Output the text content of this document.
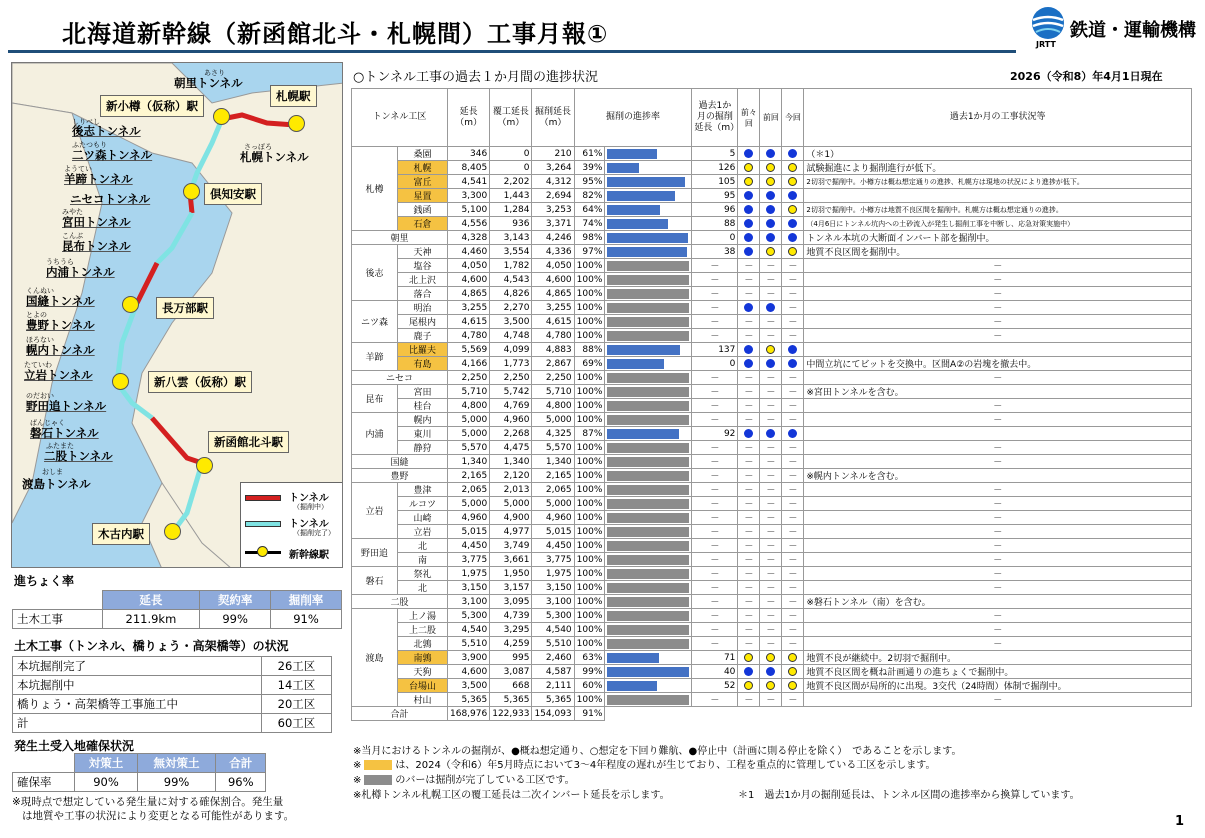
北海道新幹線（新函館北斗・札幌間）工事月報①	鉄道・運輸機構
JRTT
札幌駅
新小樽（仮称）駅
倶知安駅
長万部駅
新八雲（仮称）駅
新函館北斗駅
木古内駅
あさり
朝里トンネル
しりべし
後志トンネル
ふたつもり
二ツ森トンネル
さっぽろ
札幌トンネル
ようてい
羊蹄トンネル
ニセコトンネル
みやた
宮田トンネル
こんぶ
昆布トンネル
うちうら
内浦トンネル
くんぬい
国縫トンネル
とよの
豊野トンネル
ほろない
幌内トンネル
たていわ
立岩トンネル
のだおい
野田追トンネル
ばんじゃく
磐石トンネル
ふたまた
二股トンネル
おしま
渡島トンネル
トンネル
（掘削中）
トンネル
（掘削完了）
新幹線駅
進ちょく率
	延長	契約率	掘削率
土木工事	211.9km	99%	91%
土木工事（トンネル、橋りょう・高架橋等）の状況
本坑掘削完了	26工区
本坑掘削中	14工区
橋りょう・高架橋等工事施工中	20工区
計	60工区
発生土受入地確保状況
	対策土	無対策土	合計
確保率	90%	99%	96%
※現時点で想定している発生量に対する確保割合。発生量
は地質や工事の状況により変更となる可能性があります。
○トンネル工事の過去１か月間の進捗状況	2026（令和8）年4月1日現在
トンネル工区		延長（m）	覆工延長（m）	掘削延長（m）	掘削の進捗率		過去1か月の掘削延長（m）	前々回	前回	今回	過去1か月の工事状況等
札樽	桑園	346	0	210	61%		5				（＊1）
	札幌	8,405	0	3,264	39%		126				試験掘進により掘削進行が低下。
	富丘	4,541	2,202	4,312	95%		105				2切羽で掘削中。小樽方は概ね想定通りの進捗、札幌方は現地の状況により進捗が低下。
	星置	3,300	1,443	2,694	82%		95				
	銭函	5,100	1,284	3,253	64%		96				2切羽で掘削中。小樽方は地質不良区間を掘削中。札幌方は概ね想定通りの進捗。
	石倉	4,556	936	3,371	74%		88				（4月6日にトンネル坑内への土砂流入が発生し掘削工事を中断し、応急対策実施中）
朝里		4,328	3,143	4,246	98%		0				トンネル本坑の大断面インバート部を掘削中。
後志	天神	4,460	3,554	4,336	97%		38				地質不良区間を掘削中。
	塩谷	4,050	1,782	4,050	100%		－	－	－	－	－
	北上沢	4,600	4,543	4,600	100%		－	－	－	－	－
	落合	4,865	4,826	4,865	100%		－	－	－	－	－
ニツ森	明治	3,255	2,270	3,255	100%		－			－	－
	尾根内	4,615	3,500	4,615	100%		－	－	－	－	－
	鹿子	4,780	4,748	4,780	100%		－	－	－	－	－
羊蹄	比羅夫	5,569	4,099	4,883	88%		137				
	有島	4,166	1,773	2,867	69%		0				中間立坑にてビットを交換中。区間A②の岩塊を撤去中。
ニセコ		2,250	2,250	2,250	100%		－	－	－	－	－
昆布	宮田	5,710	5,742	5,710	100%		－	－	－	－	※宮田トンネルを含む。
	桂台	4,800	4,769	4,800	100%		－	－	－	－	－
内浦	幌内	5,000	4,960	5,000	100%		－	－	－	－	－
	東川	5,000	2,268	4,325	87%		92				
	静狩	5,570	4,475	5,570	100%		－	－	－	－	－
国縫		1,340	1,340	1,340	100%		－	－	－	－	－
豊野		2,165	2,120	2,165	100%		－	－	－	－	※幌内トンネルを含む。
立岩	豊津	2,065	2,013	2,065	100%		－	－	－	－	－
	ルコツ	5,000	5,000	5,000	100%		－	－	－	－	－
	山崎	4,960	4,900	4,960	100%		－	－	－	－	－
	立岩	5,015	4,977	5,015	100%		－	－	－	－	－
野田追	北	4,450	3,749	4,450	100%		－	－	－	－	－
	南	3,775	3,661	3,775	100%		－	－	－	－	－
磐石	祭礼	1,975	1,950	1,975	100%		－	－	－	－	－
	北	3,150	3,157	3,150	100%		－	－	－	－	－
二股		3,100	3,095	3,100	100%		－	－	－	－	※磐石トンネル（南）を含む。
渡島	上ノ湯	5,300	4,739	5,300	100%		－	－	－	－	－
	上二股	4,540	3,295	4,540	100%		－	－	－	－	－
	北鶉	5,510	4,259	5,510	100%		－	－	－	－	－
	南鶉	3,900	995	2,460	63%		71				地質不良が継続中。2切羽で掘削中。
	天狗	4,600	3,087	4,587	99%		40				地質不良区間を概ね計画通りの進ちょくで掘削中。
	台場山	3,500	668	2,111	60%		52				地質不良区間が局所的に出現。3交代（24時間）体制で掘削中。
	村山	5,365	5,365	5,365	100%		－	－	－	－	－
合計		168,976	122,933	154,093	91%						
※当月におけるトンネルの掘削が、●概ね想定通り、○想定を下回り難航、●停止中（計画に則る停止を除く）　であることを示します。
※	は、2024（令和6）年5月時点において3～4年程度の遅れが生じており、工程を重点的に管理している工区を示します。
※	のバーは掘削が完了している工区です。
※札樽トンネル札幌工区の覆工延長は二次インバート延長を示します。	＊1　過去1か月の掘削延長は、トンネル区間の進捗率から換算しています。
1
